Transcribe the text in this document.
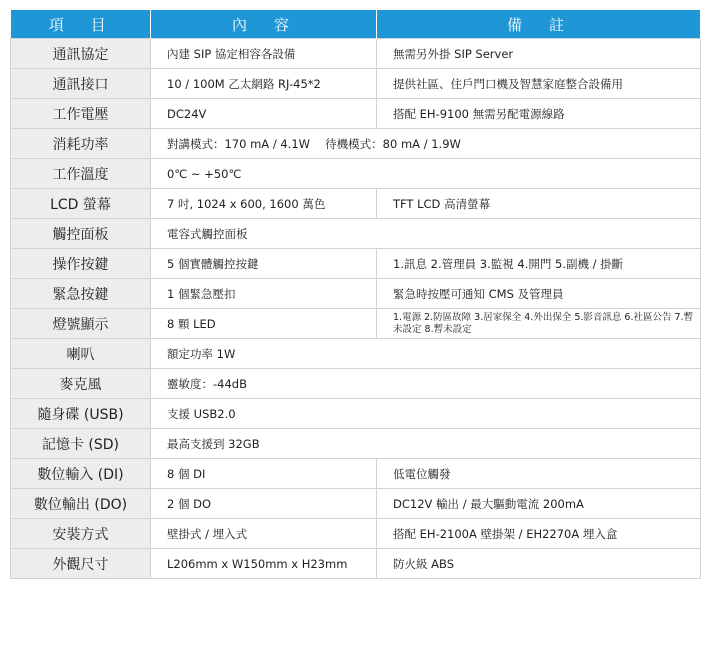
項　目	內　容	備　註
通訊協定	內建 SIP 協定相容各設備	無需另外掛 SIP Server
通訊接口	10 / 100M 乙太網路 RJ-45*2	提供社區、住戶門口機及智慧家庭整合設備用
工作電壓	DC24V	搭配 EH-9100 無需另配電源線路
消耗功率	對講模式：170 mA / 4.1W　 待機模式：80 mA / 1.9W	
工作溫度	0℃ ~ +50℃	
LCD 螢幕	7 吋, 1024 x 600, 1600 萬色	TFT LCD 高清螢幕
觸控面板	電容式觸控面板	
操作按鍵	5 個實體觸控按鍵	1.訊息 2.管理員 3.監視 4.開門 5.副機 / 掛斷
緊急按鍵	1 個緊急壓扣	緊急時按壓可通知 CMS 及管理員
燈號顯示	8 顆 LED	1.電源 2.防區故障 3.居家保全 4.外出保全 5.影音訊息 6.社區公告 7.暫未設定 8.暫未設定
喇叭	額定功率 1W	
麥克風	靈敏度：-44dB	
隨身碟 (USB)	支援 USB2.0	
記憶卡 (SD)	最高支援到 32GB	
數位輸入 (DI)	8 個 DI	低電位觸發
數位輸出 (DO)	2 個 DO	DC12V 輸出 / 最大驅動電流 200mA
安裝方式	壁掛式 / 埋入式	搭配 EH-2100A 壁掛架 / EH2270A 埋入盒
外觀尺寸	L206mm x W150mm x H23mm	防火級 ABS
